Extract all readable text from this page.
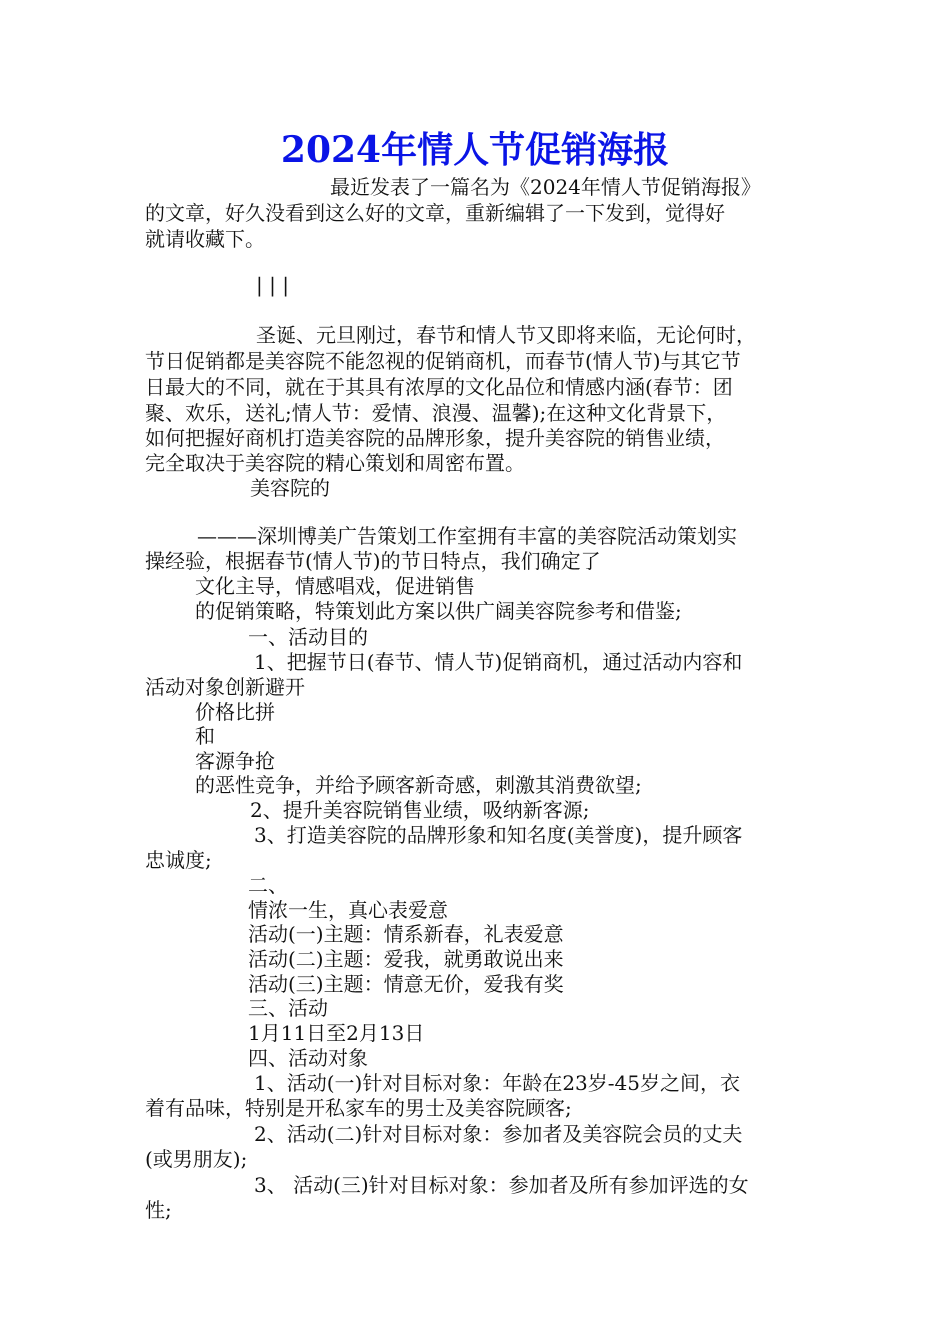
2024年情人节促销海报
最近发表了一篇名为《2024年情人节促销海报》
的文章，好久没看到这么好的文章，重新编辑了一下发到，觉得好
就请收藏下。
| | |
圣诞、元旦刚过，春节和情人节又即将来临，无论何时，
节日促销都是美容院不能忽视的促销商机，而春节(情人节)与其它节
日最大的不同，就在于其具有浓厚的文化品位和情感内涵(春节：团
聚、欢乐，送礼;情人节：爱情、浪漫、温馨);在这种文化背景下，
如何把握好商机打造美容院的品牌形象，提升美容院的销售业绩，
完全取决于美容院的精心策划和周密布置。
美容院的
———深圳博美广告策划工作室拥有丰富的美容院活动策划实
操经验，根据春节(情人节)的节日特点，我们确定了
文化主导，情感唱戏，促进销售
的促销策略，特策划此方案以供广阔美容院参考和借鉴;
一、活动目的
1、把握节日(春节、情人节)促销商机，通过活动内容和
活动对象创新避开
价格比拼
和
客源争抢
的恶性竞争，并给予顾客新奇感，刺激其消费欲望;
2、提升美容院销售业绩，吸纳新客源;
3、打造美容院的品牌形象和知名度(美誉度)，提升顾客
忠诚度;
二、
情浓一生，真心表爱意
活动(一)主题：情系新春，礼表爱意
活动(二)主题：爱我，就勇敢说出来
活动(三)主题：情意无价，爱我有奖
三、活动
1月11日至2月13日
四、活动对象
1、活动(一)针对目标对象：年龄在23岁-45岁之间，衣
着有品味，特别是开私家车的男士及美容院顾客;
2、活动(二)针对目标对象：参加者及美容院会员的丈夫
(或男朋友);
3、 活动(三)针对目标对象：参加者及所有参加评选的女
性;
